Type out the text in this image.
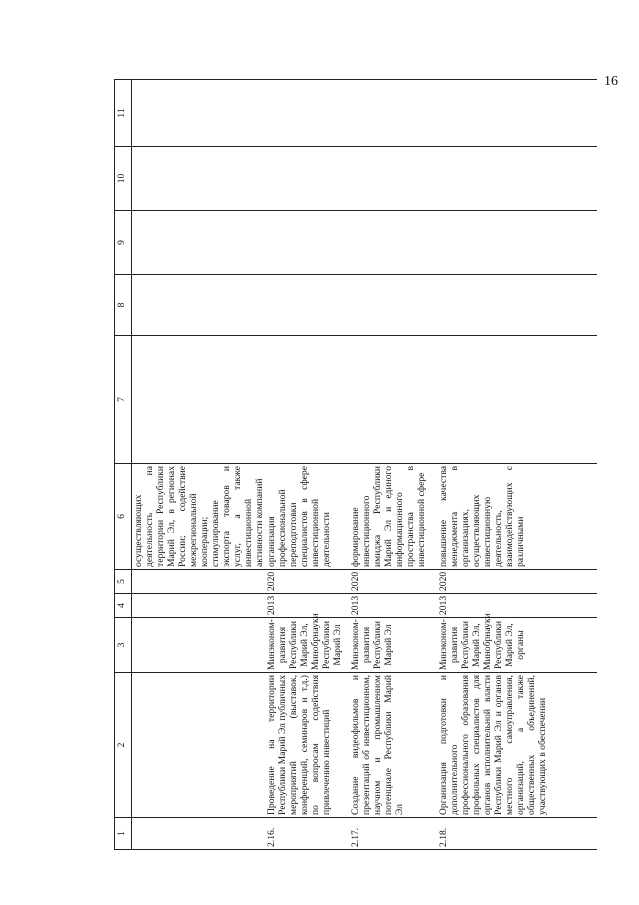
16
1	2	3	4	5	6	7	8	9	10	11
					осуществляющих деятельность на территории Республики Марий Эл, в регионах России; содействие межрегиональной кооперации; стимулирование экспорта товаров и услуг, а также инвестиционной активности компаний					
2.16.	Проведение на территории Республики Марий Эл публичных мероприятий (выставок, конференций, семинаров и т.д.) по вопросам содействия привлечению инвестиций	Минэконом-развития Республики Марий Эл, Минобрнауки Республики Марий Эл	2013	2020	организация профессиональной переподготовки специалистов в сфере инвестиционной деятельности					
2.17.	Создание видеофильмов и презентаций об инвестиционном, научном и промышленном потенциале Республики Марий Эл	Минэконом-развития Республики Марий Эл	2013	2020	формирование инвестиционного имиджа Республики Марий Эл и единого информационного пространства в инвестиционной сфере					
2.18.	Организация подготовки и дополнительного профессионального образования профильных специалистов для органов исполнительной власти Республики Марий Эл и органов местного самоуправления, организаций, а также общественных объединений, участвующих в обеспечении	Минэконом-развития Республики Марий Эл, Минобрнауки Республики Марий Эл, органы	2013	2020	повышение качества менеджмента в организациях, осуществляющих инвестиционную деятельность, взаимодействующих с различными					
